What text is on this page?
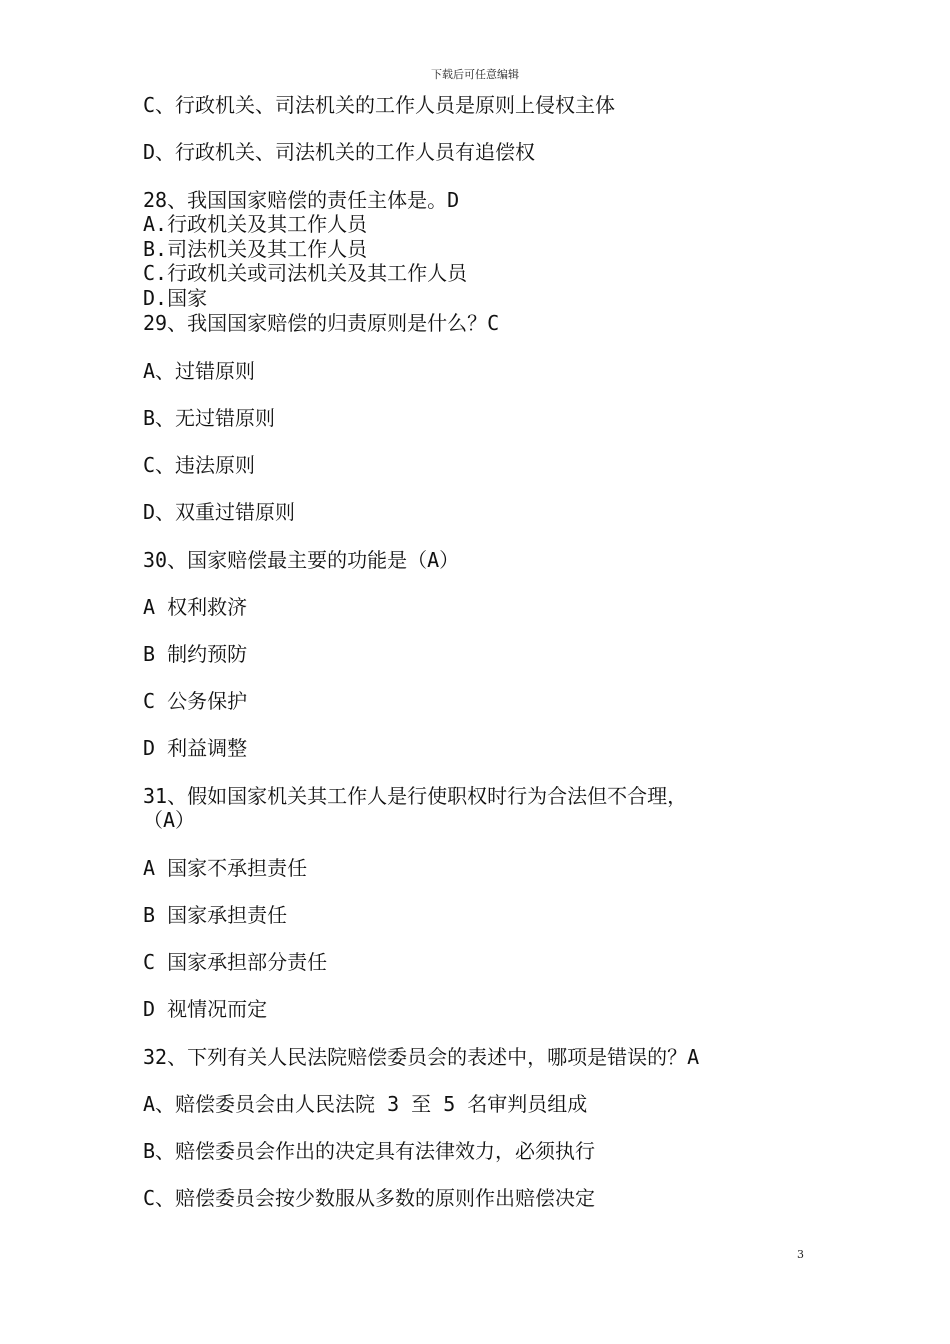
下载后可任意编辑
C、行政机关、司法机关的工作人员是原则上侵权主体
D、行政机关、司法机关的工作人员有追偿权
28、我国国家赔偿的责任主体是。D
A.行政机关及其工作人员
B.司法机关及其工作人员
C.行政机关或司法机关及其工作人员
D.国家
29、我国国家赔偿的归责原则是什么？C
A、过错原则
B、无过错原则
C、违法原则
D、双重过错原则
30、国家赔偿最主要的功能是（A）
A 权利救济
B 制约预防
C 公务保护
D 利益调整
31、假如国家机关其工作人是行使职权时行为合法但不合理，
（A）
A 国家不承担责任
B 国家承担责任
C 国家承担部分责任
D 视情况而定
32、下列有关人民法院赔偿委员会的表述中，哪项是错误的？A
A、赔偿委员会由人民法院 3 至 5 名审判员组成
B、赔偿委员会作出的决定具有法律效力，必须执行
C、赔偿委员会按少数服从多数的原则作出赔偿决定
3
